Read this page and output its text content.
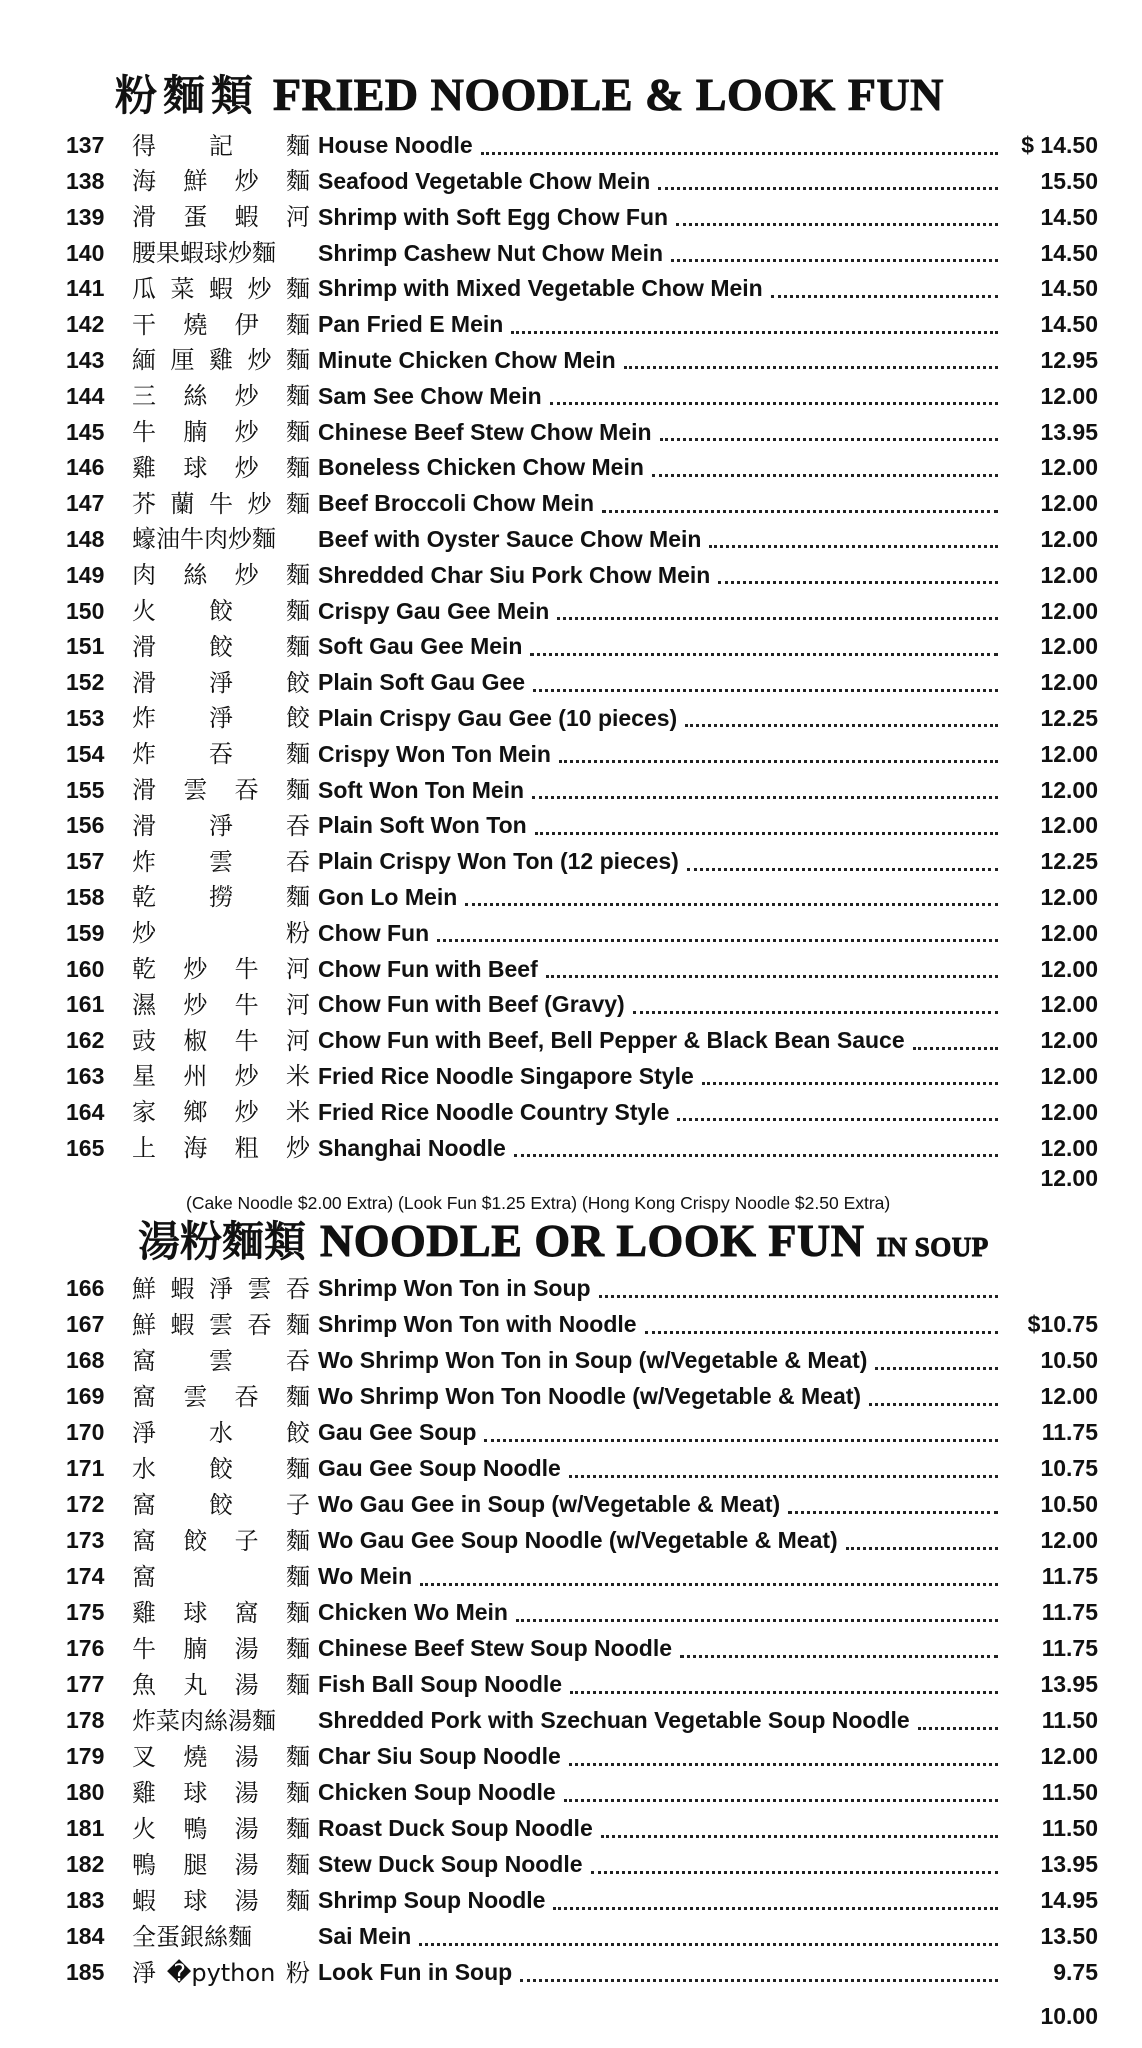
粉麵類 FRIED NOODLE & LOOK FUN
137	得 記 麵 House Noodle	$ 14.50
138	海 鮮 炒 麵 Seafood Vegetable Chow Mein	15.50
139	滑 蛋 蝦 河 Shrimp with Soft Egg Chow Fun	14.50
140	腰果蝦球炒麵 Shrimp Cashew Nut Chow Mein	14.50
141	瓜 菜 蝦 炒 麵 Shrimp with Mixed Vegetable Chow Mein	14.50
142	干 燒 伊 麵 Pan Fried E Mein	14.50
143	緬 厘 雞 炒 麵 Minute Chicken Chow Mein	12.95
144	三 絲 炒 麵 Sam See Chow Mein	12.00
145	牛 腩 炒 麵 Chinese Beef Stew Chow Mein	13.95
146	雞 球 炒 麵 Boneless Chicken Chow Mein	12.00
147	芥 蘭 牛 炒 麵 Beef Broccoli Chow Mein	12.00
148	蠔油牛肉炒麵 Beef with Oyster Sauce Chow Mein	12.00
149	肉 絲 炒 麵 Shredded Char Siu Pork Chow Mein	12.00
150	火 餃 麵 Crispy Gau Gee Mein	12.00
151	滑 餃 麵 Soft Gau Gee Mein	12.00
152	滑 淨 餃 Plain Soft Gau Gee	12.00
153	炸 淨 餃 Plain Crispy Gau Gee (10 pieces)	12.25
154	炸 吞 麵 Crispy Won Ton Mein	12.00
155	滑 雲 吞 麵 Soft Won Ton Mein	12.00
156	滑 淨 吞 Plain Soft Won Ton	12.00
157	炸 雲 吞 Plain Crispy Won Ton (12 pieces)	12.25
158	乾 撈 麵 Gon Lo Mein	12.00
159	炒	粉 Chow Fun	12.00
160	乾 炒 牛 河 Chow Fun with Beef	12.00
161	濕 炒 牛 河 Chow Fun with Beef (Gravy)	12.00
162	豉 椒 牛 河 Chow Fun with Beef, Bell Pepper & Black Bean Sauce	12.00
163	星 州 炒 米 Fried Rice Noodle Singapore Style	12.00
164	家 鄉 炒 米 Fried Rice Noodle Country Style	12.00
165	上 海 粗 炒 Shanghai Noodle	12.00
12.00
(Cake Noodle $2.00 Extra) (Look Fun $1.25 Extra) (Hong Kong Crispy Noodle $2.50 Extra)
湯粉麵類 NOODLE OR LOOK FUN IN SOUP
166	鮮 蝦 淨 雲 吞 Shrimp Won Ton in Soup
167	鮮 蝦 雲 吞 麵 Shrimp Won Ton with Noodle	$10.75
168	窩 雲 吞 Wo Shrimp Won Ton in Soup (w/Vegetable & Meat)	10.50
169	窩 雲 吞 麵 Wo Shrimp Won Ton Noodle (w/Vegetable & Meat)	12.00
170	淨 水 餃 Gau Gee Soup	11.75
171	水 餃 麵 Gau Gee Soup Noodle	10.75
172	窩 餃 子 Wo Gau Gee in Soup (w/Vegetable & Meat)	10.50
173	窩 餃 子 麵 Wo Gau Gee Soup Noodle (w/Vegetable & Meat)	12.00
174	窩	麵 Wo Mein	11.75
175	雞 球 窩 麵 Chicken Wo Mein	11.75
176	牛 腩 湯 麵 Chinese Beef Stew Soup Noodle	11.75
177	魚 丸 湯 麵 Fish Ball Soup Noodle	13.95
178	炸菜肉絲湯麵 Shredded Pork with Szechuan Vegetable Soup Noodle	11.50
179	叉 燒 湯 麵 Char Siu Soup Noodle	12.00
180	雞 球 湯 麵 Chicken Soup Noodle	11.50
181	火 鴨 湯 麵 Roast Duck Soup Noodle	11.50
182	鴨 腿 湯 麵 Stew Duck Soup Noodle	13.95
183	蝦 球 湯 麵 Shrimp Soup Noodle	14.95
184	全蛋銀絲麵	Sai Mein	13.50
185	淨 �python 粉 Look Fun in Soup	9.75
10.00
